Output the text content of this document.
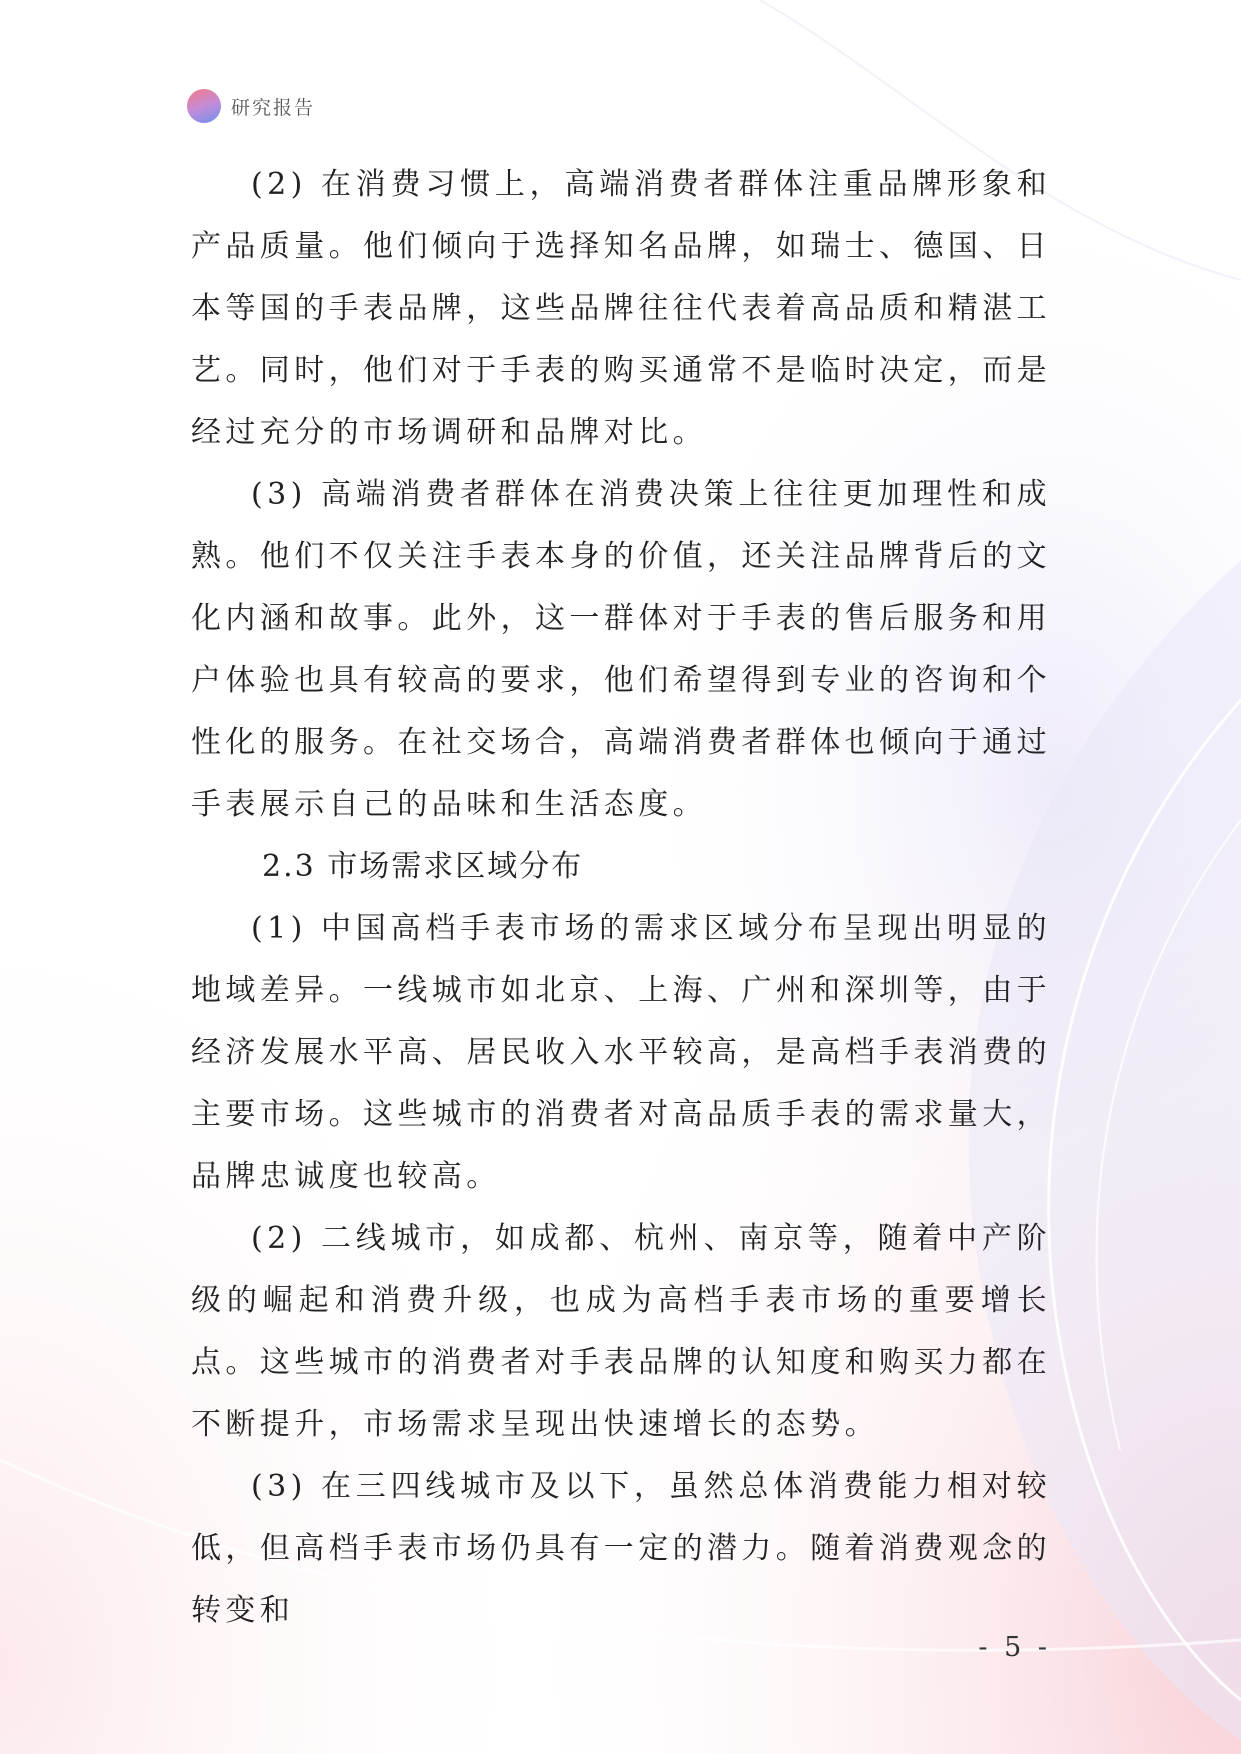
研究报告

(2) 在消费习惯上，高端消费者群体注重品牌形象和产品质量。他们倾向于选择知名品牌，如瑞士、德国、日本等国的手表品牌，这些品牌往往代表着高品质和精湛工艺。同时，他们对于手表的购买通常不是临时决定，而是经过充分的市场调研和品牌对比。

(3) 高端消费者群体在消费决策上往往更加理性和成熟。他们不仅关注手表本身的价值，还关注品牌背后的文化内涵和故事。此外，这一群体对于手表的售后服务和用户体验也具有较高的要求，他们希望得到专业的咨询和个性化的服务。在社交场合，高端消费者群体也倾向于通过手表展示自己的品味和生活态度。

2.3 市场需求区域分布

(1) 中国高档手表市场的需求区域分布呈现出明显的地域差异。一线城市如北京、上海、广州和深圳等，由于经济发展水平高、居民收入水平较高，是高档手表消费的主要市场。这些城市的消费者对高品质手表的需求量大，品牌忠诚度也较高。

(2) 二线城市，如成都、杭州、南京等，随着中产阶级的崛起和消费升级，也成为高档手表市场的重要增长点。这些城市的消费者对手表品牌的认知度和购买力都在不断提升，市场需求呈现出快速增长的态势。

(3) 在三四线城市及以下，虽然总体消费能力相对较低，但高档手表市场仍具有一定的潜力。随着消费观念的转变和

- 5 -
